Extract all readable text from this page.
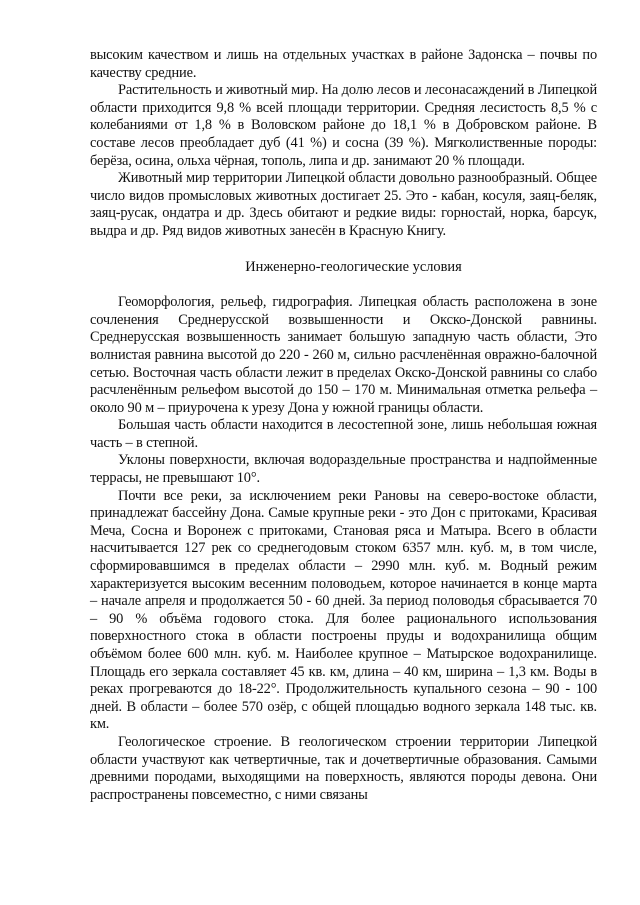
высоким качеством и лишь на отдельных участках в районе Задонска – почвы по качеству средние.

Растительность и животный мир. На долю лесов и лесонасаждений в Липецкой области приходится 9,8 % всей площади территории. Средняя лесистость 8,5 % с колебаниями от 1,8 % в Воловском районе до 18,1 % в Добровском районе. В составе лесов преобладает дуб (41 %) и сосна (39 %). Мягколиственные породы: берёза, осина, ольха чёрная, тополь, липа и др. занимают 20 % площади.

Животный мир территории Липецкой области довольно разнообразный. Общее число видов промысловых животных достигает 25. Это - кабан, косуля, заяц-беляк, заяц-русак, ондатра и др. Здесь обитают и редкие виды: горностай, норка, барсук, выдра и др. Ряд видов животных занесён в Красную Книгу.

Инженерно-геологические условия

Геоморфология, рельеф, гидрография. Липецкая область расположена в зоне сочленения Среднерусской возвышенности и Окско-Донской равнины. Среднерусская возвышенность занимает большую западную часть области, Это волнистая равнина высотой до 220 - 260 м, сильно расчленённая овражно-балочной сетью. Восточная часть области лежит в пределах Окско-Донской равнины со слабо расчленённым рельефом высотой до 150 – 170 м. Минимальная отметка рельефа – около 90 м – приурочена к урезу Дона у южной границы области.

Большая часть области находится в лесостепной зоне, лишь небольшая южная часть – в степной.

Уклоны поверхности, включая водораздельные пространства и надпойменные террасы, не превышают 10°.

Почти все реки, за исключением реки Рановы на северо-востоке области, принадлежат бассейну Дона. Самые крупные реки - это Дон с притоками, Красивая Меча, Сосна и Воронеж с притоками, Становая ряса и Матыра. Всего в области насчитывается 127 рек со среднегодовым стоком 6357 млн. куб. м, в том числе, сформировавшимся в пределах области – 2990 млн. куб. м. Водный режим характеризуется высоким весенним половодьем, которое начинается в конце марта – начале апреля и продолжается 50 - 60 дней. За период половодья сбрасывается 70 – 90 % объёма годового стока. Для более рационального использования поверхностного стока в области построены пруды и водохранилища общим объёмом более 600 млн. куб. м. Наиболее крупное – Матырское водохранилище. Площадь его зеркала составляет 45 кв. км, длина – 40 км, ширина – 1,3 км. Воды в реках прогреваются до 18-22°. Продолжительность купального сезона – 90 - 100 дней. В области – более 570 озёр, с общей площадью водного зеркала 148 тыс. кв. км.

Геологическое строение. В геологическом строении территории Липецкой области участвуют как четвертичные, так и дочетвертичные образования. Самыми древними породами, выходящими на поверхность, являются породы девона. Они распространены повсеместно, с ними связаны
